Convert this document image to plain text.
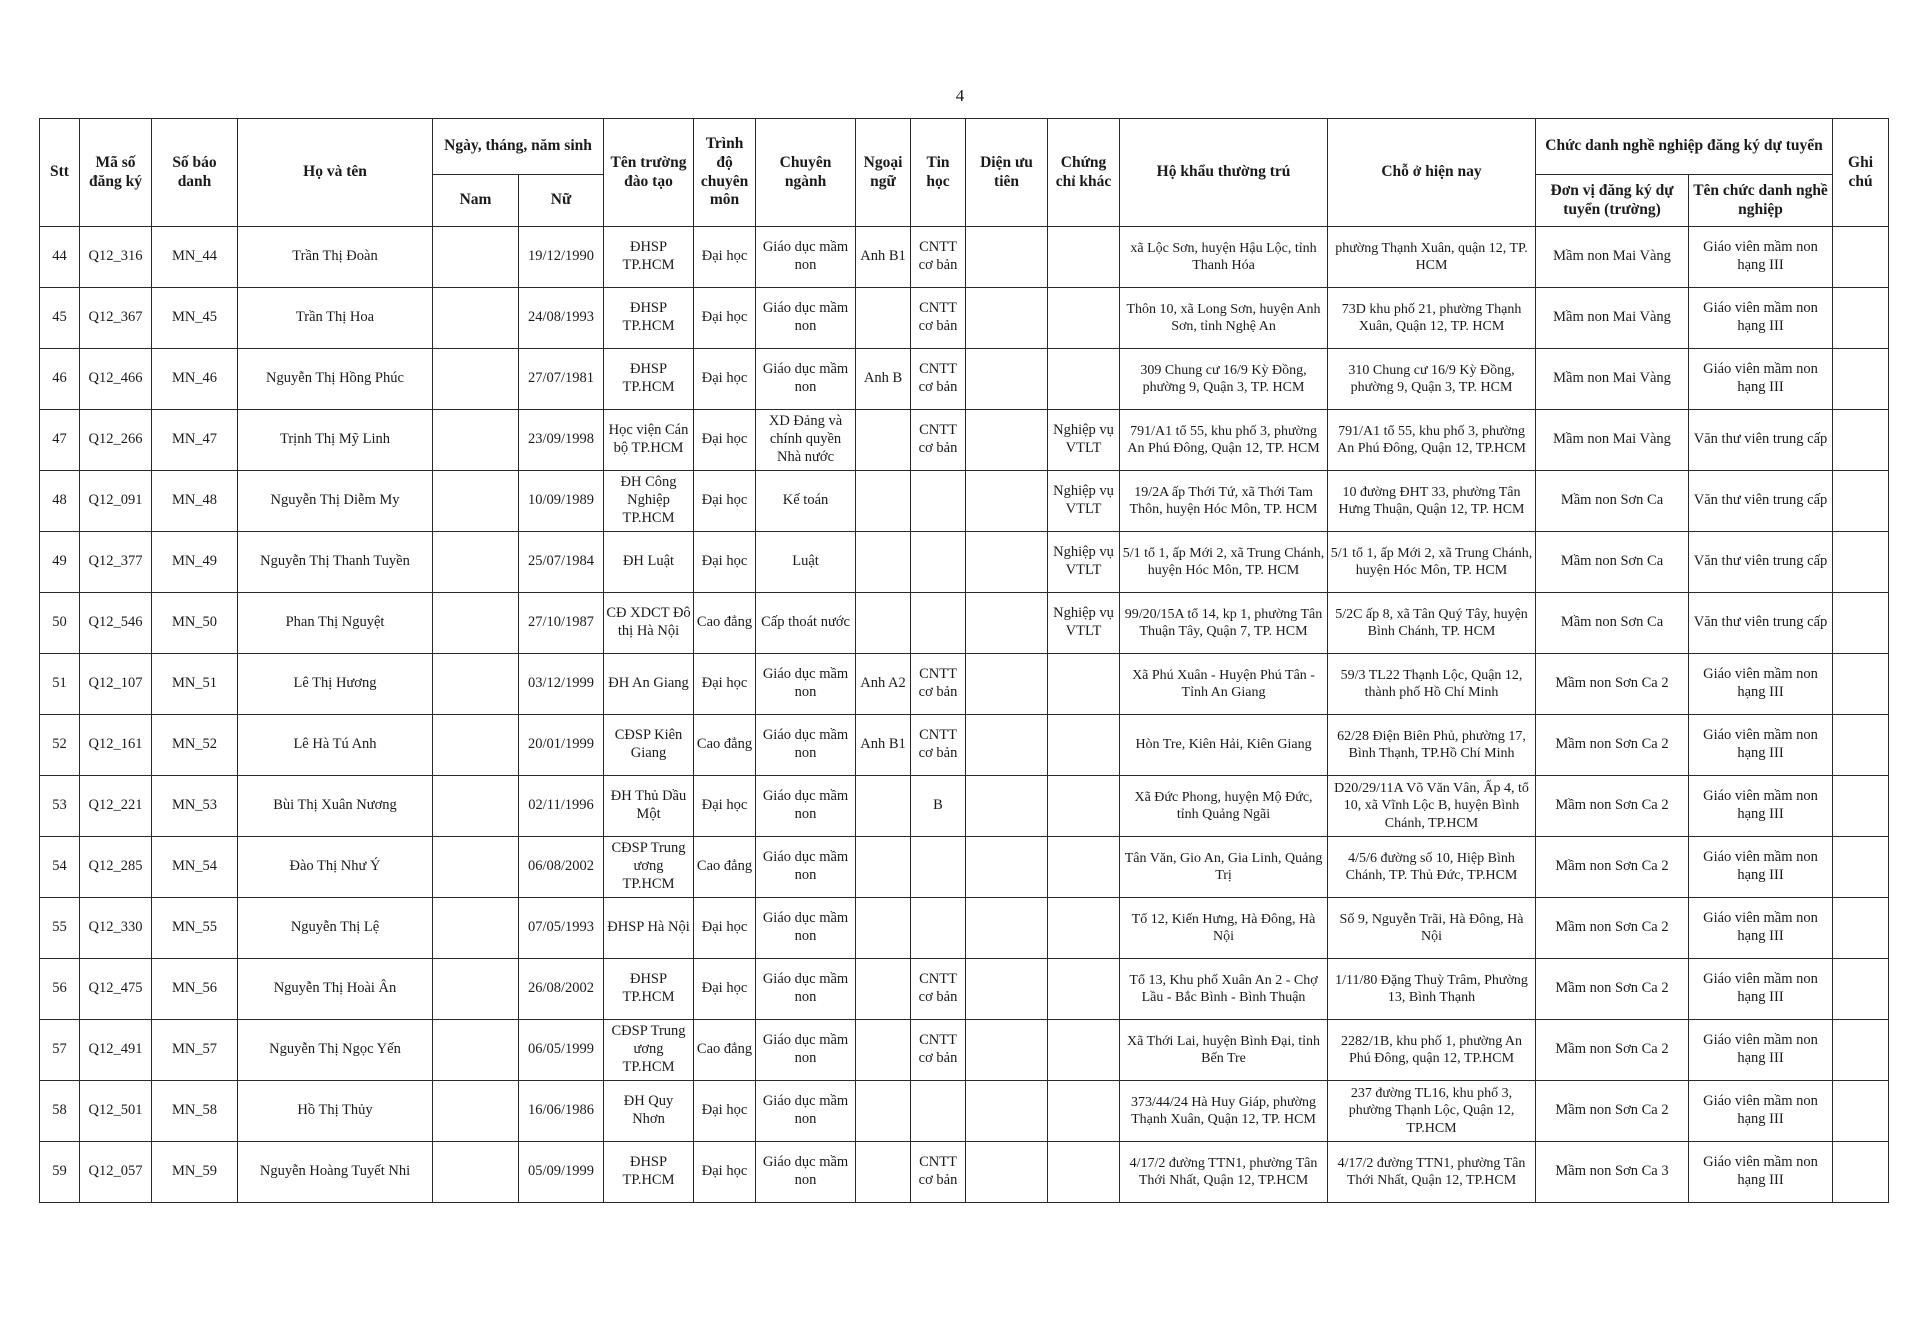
4
Stt	Mã số đăng ký	Số báo danh	Họ và tên	Ngày, tháng, năm sinh		Tên trường đào tạo	Trình độ chuyên môn	Chuyên ngành	Ngoại ngữ	Tin học	Diện ưu tiên	Chứng chỉ khác	Hộ khẩu thường trú	Chỗ ở hiện nay	Chức danh nghề nghiệp đăng ký dự tuyển		Ghi chú
				Nam	Nữ										Đơn vị đăng ký dự tuyển (trường)	Tên chức danh nghề nghiệp	
44	Q12_316	MN_44	Trần Thị Đoàn		19/12/1990	ĐHSP TP.HCM	Đại học	Giáo dục mầm non	Anh B1	CNTT cơ bản			xã Lộc Sơn, huyện Hậu Lộc, tỉnh Thanh Hóa	phường Thạnh Xuân, quận 12, TP. HCM	Mầm non Mai Vàng	Giáo viên mầm non hạng III	
45	Q12_367	MN_45	Trần Thị Hoa		24/08/1993	ĐHSP TP.HCM	Đại học	Giáo dục mầm non		CNTT cơ bản			Thôn 10, xã Long Sơn, huyện Anh Sơn, tỉnh Nghệ An	73D khu phố 21, phường Thạnh Xuân, Quận 12, TP. HCM	Mầm non Mai Vàng	Giáo viên mầm non hạng III	
46	Q12_466	MN_46	Nguyễn Thị Hồng Phúc		27/07/1981	ĐHSP TP.HCM	Đại học	Giáo dục mầm non	Anh B	CNTT cơ bản			309 Chung cư 16/9 Kỳ Đồng, phường 9, Quận 3, TP. HCM	310 Chung cư 16/9 Kỳ Đồng, phường 9, Quận 3, TP. HCM	Mầm non Mai Vàng	Giáo viên mầm non hạng III	
47	Q12_266	MN_47	Trịnh Thị Mỹ Linh		23/09/1998	Học viện Cán bộ TP.HCM	Đại học	XD Đảng và chính quyền Nhà nước		CNTT cơ bản		Nghiệp vụ VTLT	791/A1 tổ 55, khu phố 3, phường An Phú Đông, Quận 12, TP. HCM	791/A1 tổ 55, khu phố 3, phường An Phú Đông, Quận 12, TP.HCM	Mầm non Mai Vàng	Văn thư viên trung cấp	
48	Q12_091	MN_48	Nguyễn Thị Diễm My		10/09/1989	ĐH Công Nghiệp TP.HCM	Đại học	Kế toán				Nghiệp vụ VTLT	19/2A ấp Thới Tứ, xã Thới Tam Thôn, huyện Hóc Môn, TP. HCM	10 đường ĐHT 33, phường Tân Hưng Thuận, Quận 12, TP. HCM	Mầm non Sơn Ca	Văn thư viên trung cấp	
49	Q12_377	MN_49	Nguyễn Thị Thanh Tuyền		25/07/1984	ĐH Luật	Đại học	Luật				Nghiệp vụ VTLT	5/1 tổ 1, ấp Mới 2, xã Trung Chánh, huyện Hóc Môn, TP. HCM	5/1 tổ 1, ấp Mới 2, xã Trung Chánh, huyện Hóc Môn, TP. HCM	Mầm non Sơn Ca	Văn thư viên trung cấp	
50	Q12_546	MN_50	Phan Thị Nguyệt		27/10/1987	CĐ XDCT Đô thị Hà Nội	Cao đẳng	Cấp thoát nước				Nghiệp vụ VTLT	99/20/15A tổ 14, kp 1, phường Tân Thuận Tây, Quận 7, TP. HCM	5/2C ấp 8, xã Tân Quý Tây, huyện Bình Chánh, TP. HCM	Mầm non Sơn Ca	Văn thư viên trung cấp	
51	Q12_107	MN_51	Lê Thị Hương		03/12/1999	ĐH An Giang	Đại học	Giáo dục mầm non	Anh A2	CNTT cơ bản			Xã Phú Xuân - Huyện Phú Tân - Tỉnh An Giang	59/3 TL22 Thạnh Lộc, Quận 12, thành phố Hồ Chí Minh	Mầm non Sơn Ca 2	Giáo viên mầm non hạng III	
52	Q12_161	MN_52	Lê Hà Tú Anh		20/01/1999	CĐSP Kiên Giang	Cao đẳng	Giáo dục mầm non	Anh B1	CNTT cơ bản			Hòn Tre, Kiên Hải, Kiên Giang	62/28 Điện Biên Phủ, phường 17, Bình Thạnh, TP.Hồ Chí Minh	Mầm non Sơn Ca 2	Giáo viên mầm non hạng III	
53	Q12_221	MN_53	Bùi Thị Xuân Nương		02/11/1996	ĐH Thủ Dầu Một	Đại học	Giáo dục mầm non		B			Xã Đức Phong, huyện Mộ Đức, tỉnh Quảng Ngãi	D20/29/11A Võ Văn Vân, Ấp 4, tổ 10, xã Vĩnh Lộc B, huyện Bình Chánh, TP.HCM	Mầm non Sơn Ca 2	Giáo viên mầm non hạng III	
54	Q12_285	MN_54	Đào Thị Như Ý		06/08/2002	CĐSP Trung ương TP.HCM	Cao đẳng	Giáo dục mầm non					Tân Văn, Gio An, Gia Linh, Quảng Trị	4/5/6 đường số 10, Hiệp Bình Chánh, TP. Thủ Đức, TP.HCM	Mầm non Sơn Ca 2	Giáo viên mầm non hạng III	
55	Q12_330	MN_55	Nguyễn Thị Lệ		07/05/1993	ĐHSP Hà Nội	Đại học	Giáo dục mầm non					Tổ 12, Kiến Hưng, Hà Đông, Hà Nội	Số 9, Nguyễn Trãi, Hà Đông, Hà Nội	Mầm non Sơn Ca 2	Giáo viên mầm non hạng III	
56	Q12_475	MN_56	Nguyễn Thị Hoài Ân		26/08/2002	ĐHSP TP.HCM	Đại học	Giáo dục mầm non		CNTT cơ bản			Tổ 13, Khu phố Xuân An 2 - Chợ Lầu - Bắc Bình - Bình Thuận	1/11/80 Đặng Thuỳ Trâm, Phường 13, Bình Thạnh	Mầm non Sơn Ca 2	Giáo viên mầm non hạng III	
57	Q12_491	MN_57	Nguyễn Thị Ngọc Yến		06/05/1999	CĐSP Trung ương TP.HCM	Cao đẳng	Giáo dục mầm non		CNTT cơ bản			Xã Thới Lai, huyện Bình Đại, tỉnh Bến Tre	2282/1B, khu phố 1, phường An Phú Đông, quận 12, TP.HCM	Mầm non Sơn Ca 2	Giáo viên mầm non hạng III	
58	Q12_501	MN_58	Hồ Thị Thủy		16/06/1986	ĐH Quy Nhơn	Đại học	Giáo dục mầm non					373/44/24 Hà Huy Giáp, phường Thạnh Xuân, Quận 12, TP. HCM	237 đường TL16, khu phố 3, phường Thạnh Lộc, Quận 12, TP.HCM	Mầm non Sơn Ca 2	Giáo viên mầm non hạng III	
59	Q12_057	MN_59	Nguyễn Hoàng Tuyết Nhi		05/09/1999	ĐHSP TP.HCM	Đại học	Giáo dục mầm non		CNTT cơ bản			4/17/2 đường TTN1, phường Tân Thới Nhất, Quận 12, TP.HCM	4/17/2 đường TTN1, phường Tân Thới Nhất, Quận 12, TP.HCM	Mầm non Sơn Ca 3	Giáo viên mầm non hạng III	
